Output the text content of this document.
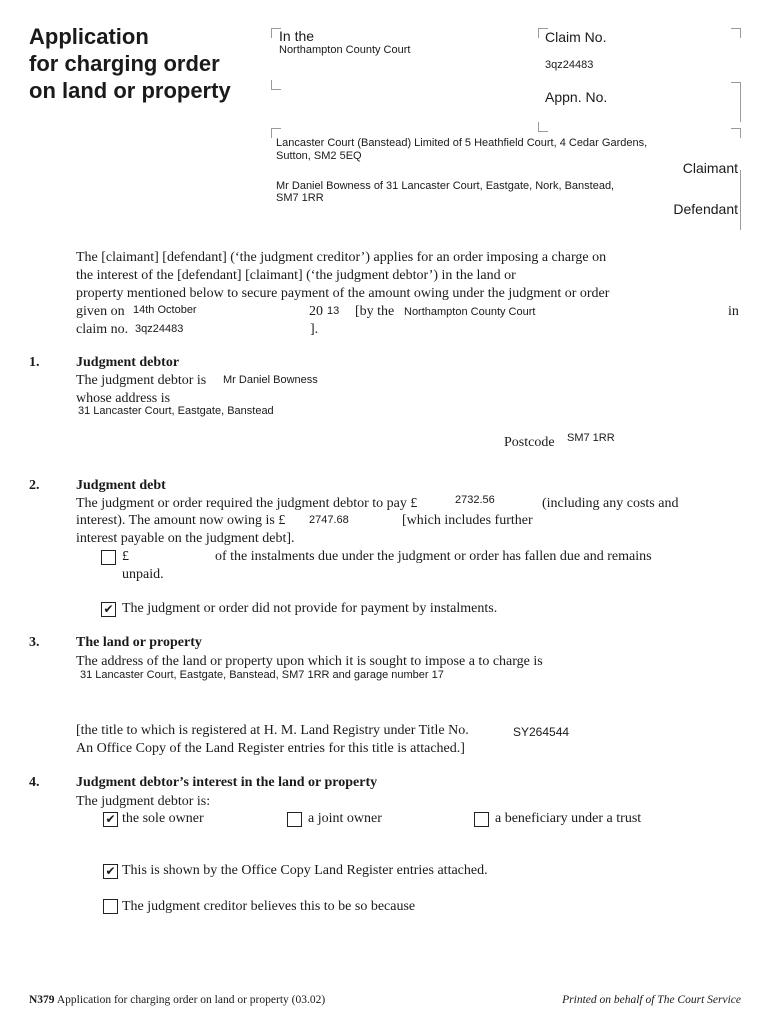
Application
for charging order
on land or property
In the
Northampton County Court
Claim No.
3qz24483
Appn. No.
Lancaster Court (Banstead) Limited of 5 Heathfield Court, 4 Cedar Gardens,
Sutton, SM2 5EQ
Claimant
Mr Daniel Bowness of 31 Lancaster Court, Eastgate, Nork, Banstead,
SM7 1RR
Defendant
The [claimant] [defendant] (‘the judgment creditor’) applies for an order imposing a charge on
the interest of the [defendant] [claimant] (‘the judgment debtor’) in the land or
property mentioned below to secure payment of the amount owing under the judgment or order
given on 14th October	20 13 [by the Northampton County Court	in
claim no. 3qz24483	].
1.	Judgment debtor
The judgment debtor is Mr Daniel Bowness
whose address is
31 Lancaster Court, Eastgate, Banstead
Postcode SM7 1RR
2.	Judgment debt
The judgment or order required the judgment debtor to pay £	2732.56	(including any costs and
interest). The amount now owing is £ 2747.68	[which includes further
interest payable on the judgment debt].
£	of the instalments due under the judgment or order has fallen due and remains
unpaid.
✔ The judgment or order did not provide for payment by instalments.
3.	The land or property
The address of the land or property upon which it is sought to impose a to charge is
31 Lancaster Court, Eastgate, Banstead, SM7 1RR and garage number 17
[the title to which is registered at H. M. Land Registry under Title No.	SY264544
An Office Copy of the Land Register entries for this title is attached.]
4.	Judgment debtor’s interest in the land or property
The judgment debtor is:
✔ the sole owner	a joint owner	a beneficiary under a trust
✔ This is shown by the Office Copy Land Register entries attached.
The judgment creditor believes this to be so because
N379 Application for charging order on land or property (03.02)	Printed on behalf of The Court Service
